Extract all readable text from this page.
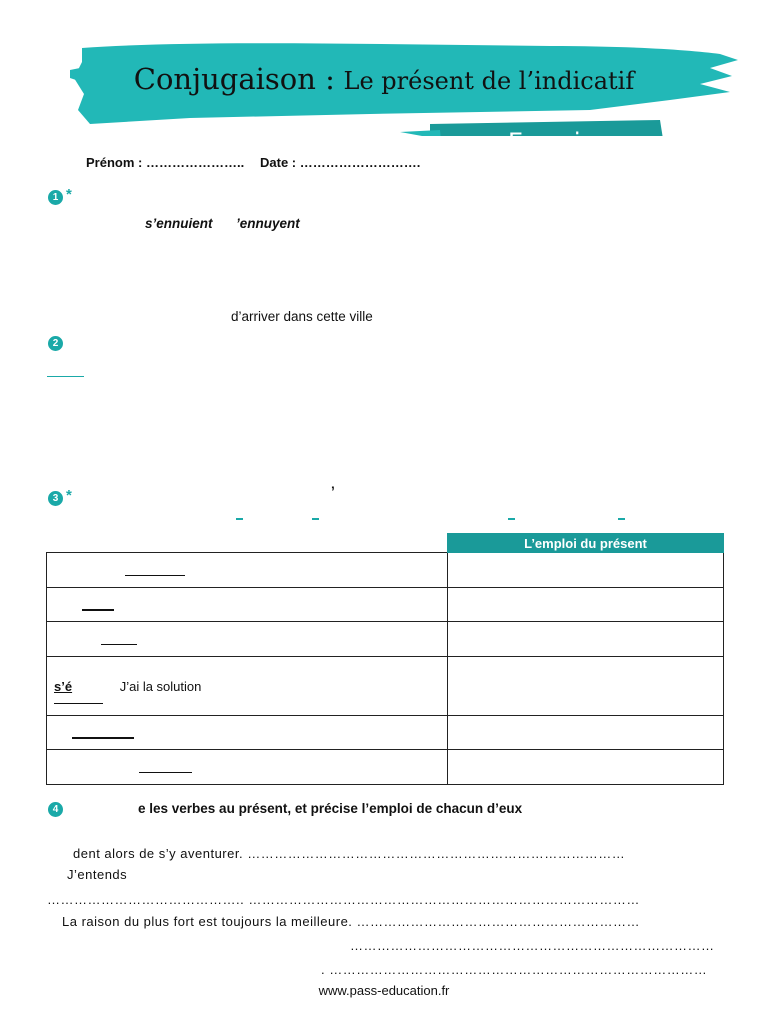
Conjugaison : Le présent de l’indicatif
Exercices
Prénom : ………………….. Date : ……………………….
1 *
s’ennuient ’ennuyent
d’arriver dans cette ville
2
3 *	’
	L’emploi du présent

s’é J’ai la solution	

4	e les verbes au présent, et précise l’emploi de chacun d’eux
dent alors de s’y aventurer. …………………………………………………………………………
J’entends
…………………………………….. ……………………………………………………………………………
La raison du plus fort est toujours la meilleure. ………………………………………………………
………………………………………………………………………
. …………………………………………………………………………
www.pass-education.fr
